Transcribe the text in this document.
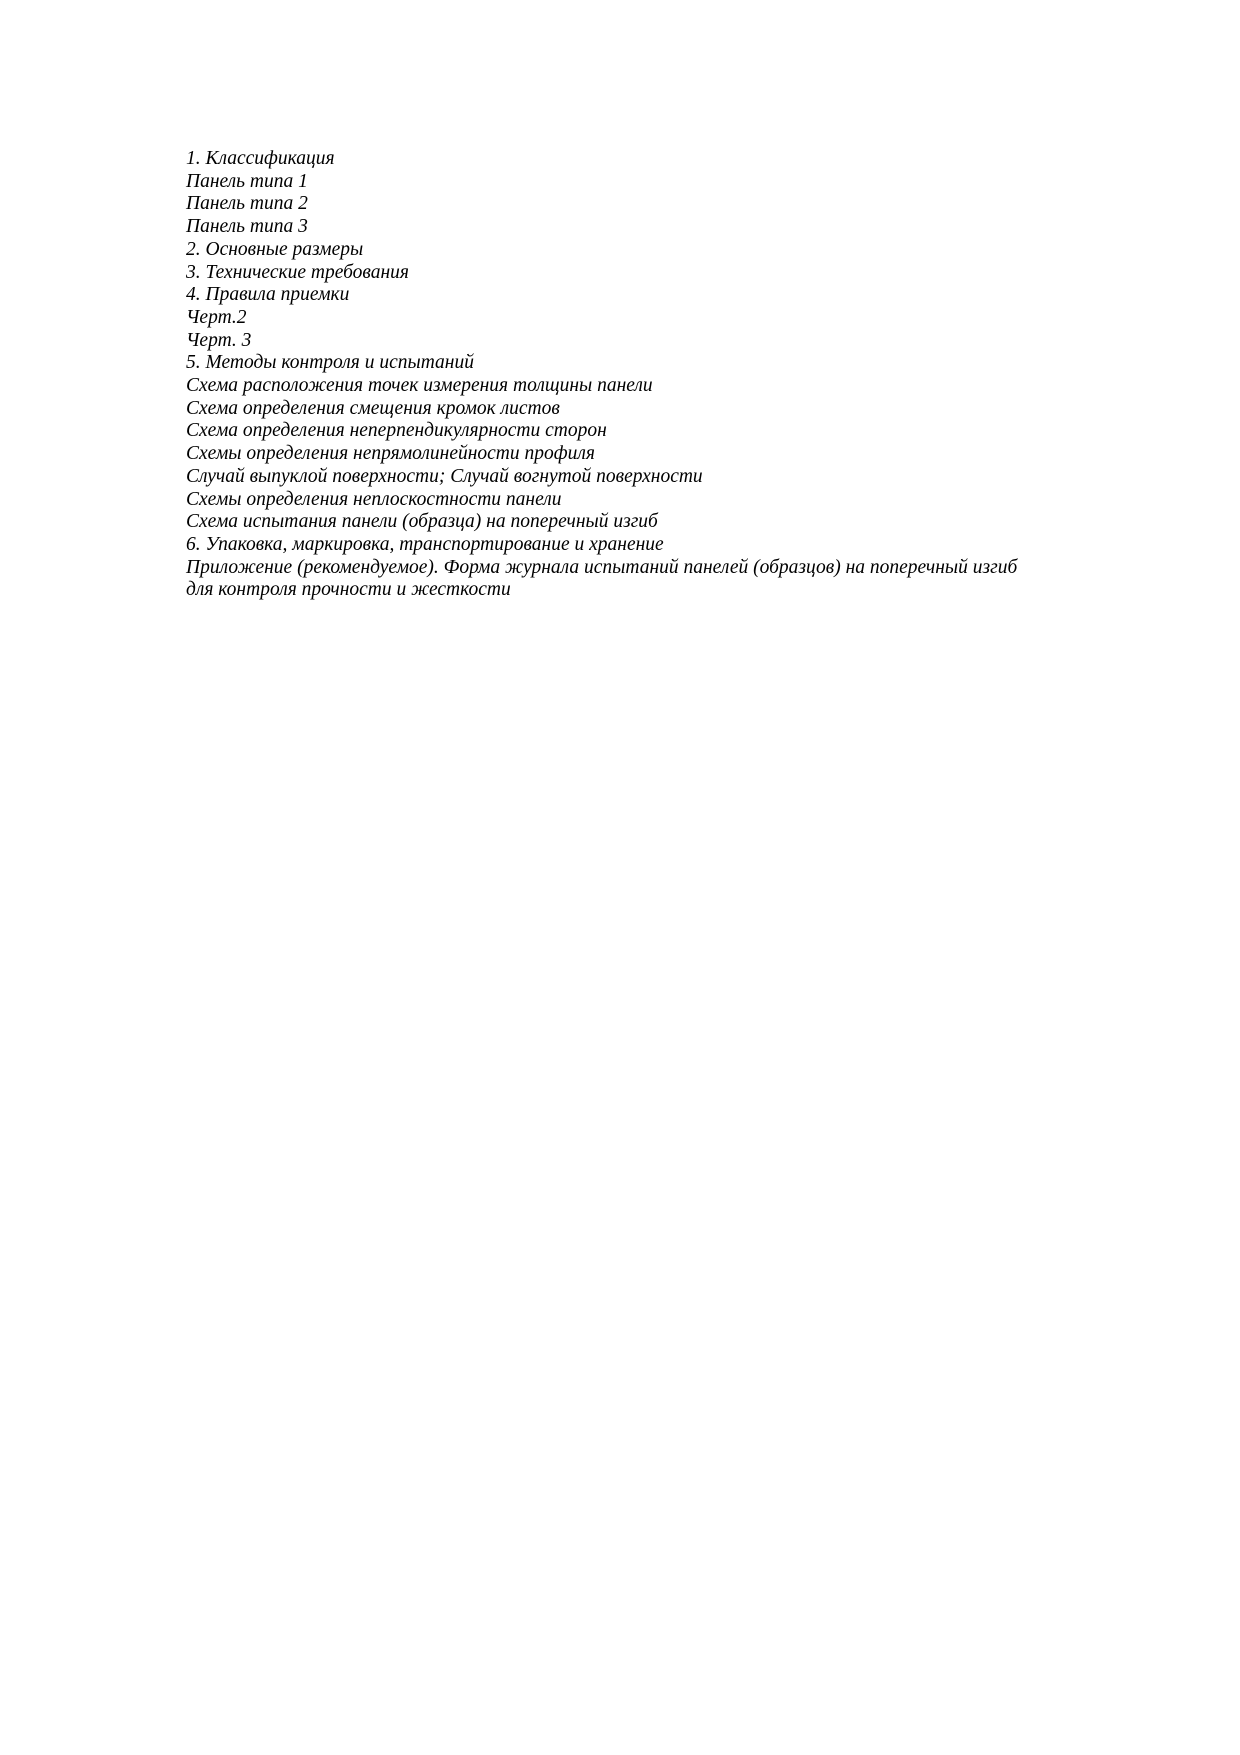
1. Классификация
Панель типа 1
Панель типа 2
Панель типа 3
2. Основные размеры
3. Технические требования
4. Правила приемки
Черт.2
Черт. 3
5. Методы контроля и испытаний
Схема расположения точек измерения толщины панели
Схема определения смещения кромок листов
Схема определения неперпендикулярности сторон
Схемы определения непрямолинейности профиля
Случай выпуклой поверхности; Случай вогнутой поверхности
Схемы определения неплоскостности панели
Схема испытания панели (образца) на поперечный изгиб
6. Упаковка, маркировка, транспортирование и хранение
Приложение (рекомендуемое). Форма журнала испытаний панелей (образцов) на поперечный изгиб для контроля прочности и жесткости
